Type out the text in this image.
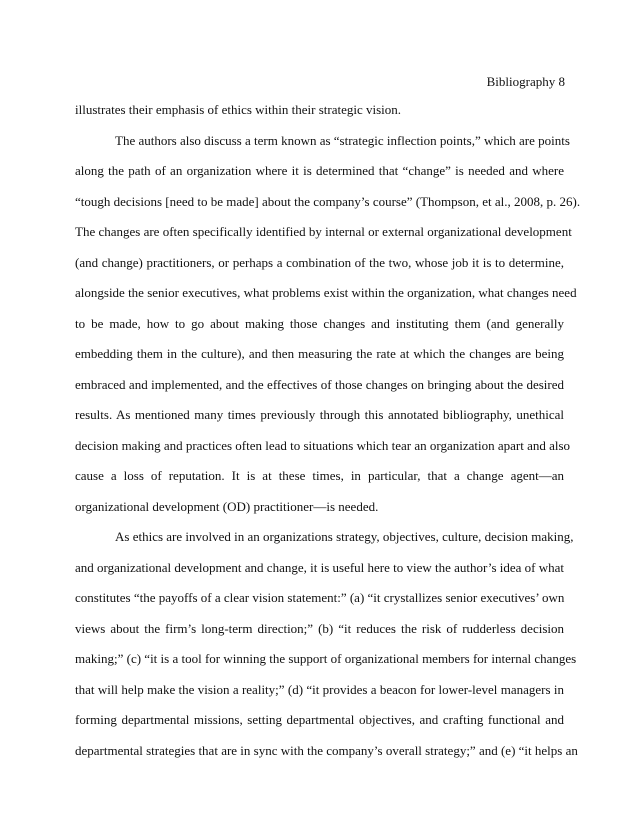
Bibliography 8
illustrates their emphasis of ethics within their strategic vision.
The authors also discuss a term known as “strategic inflection points,” which are points
along the path of an organization where it is determined that “change” is needed and where
“tough decisions [need to be made] about the company’s course” (Thompson, et al., 2008, p. 26).
The changes are often specifically identified by internal or external organizational development
(and change) practitioners, or perhaps a combination of the two, whose job it is to determine,
alongside the senior executives, what problems exist within the organization, what changes need
to be made, how to go about making those changes and instituting them (and generally
embedding them in the culture), and then measuring the rate at which the changes are being
embraced and implemented, and the effectives of those changes on bringing about the desired
results. As mentioned many times previously through this annotated bibliography, unethical
decision making and practices often lead to situations which tear an organization apart and also
cause a loss of reputation. It is at these times, in particular, that a change agent—an
organizational development (OD) practitioner—is needed.
As ethics are involved in an organizations strategy, objectives, culture, decision making,
and organizational development and change, it is useful here to view the author’s idea of what
constitutes “the payoffs of a clear vision statement:” (a) “it crystallizes senior executives’ own
views about the firm’s long-term direction;” (b) “it reduces the risk of rudderless decision
making;” (c) “it is a tool for winning the support of organizational members for internal changes
that will help make the vision a reality;” (d) “it provides a beacon for lower-level managers in
forming departmental missions, setting departmental objectives, and crafting functional and
departmental strategies that are in sync with the company’s overall strategy;” and (e) “it helps an
